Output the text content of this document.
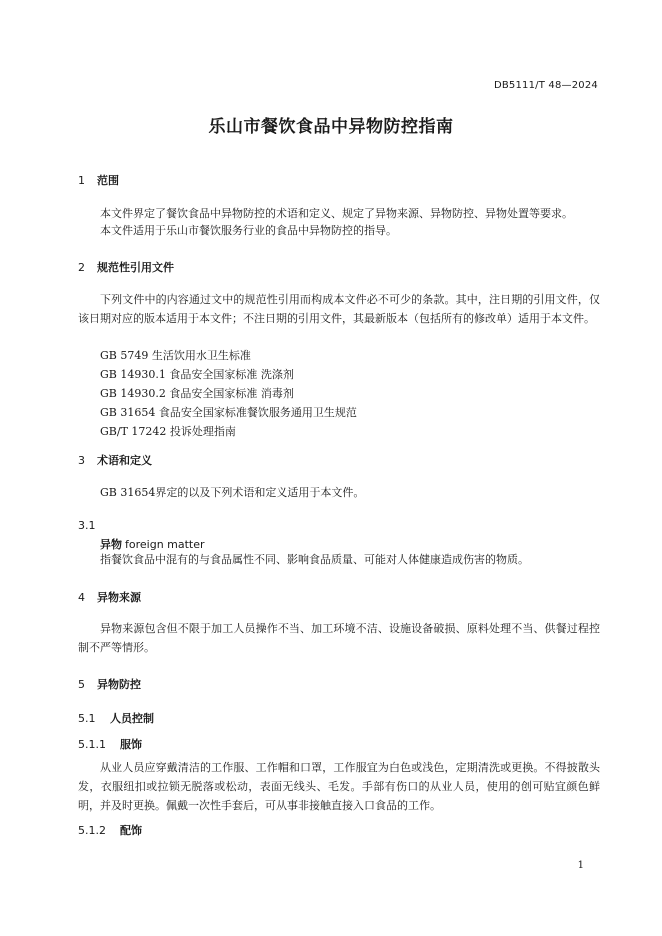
DB5111/T 48—2024
乐山市餐饮食品中异物防控指南
1 范围
本文件界定了餐饮食品中异物防控的术语和定义、规定了异物来源、异物防控、异物处置等要求。
本文件适用于乐山市餐饮服务行业的食品中异物防控的指导。
2 规范性引用文件
下列文件中的内容通过文中的规范性引用而构成本文件必不可少的条款。其中，注日期的引用文件，仅该日期对应的版本适用于本文件；不注日期的引用文件，其最新版本（包括所有的修改单）适用于本文件。
GB 5749 生活饮用水卫生标准
GB 14930.1 食品安全国家标准 洗涤剂
GB 14930.2 食品安全国家标准 消毒剂
GB 31654 食品安全国家标准餐饮服务通用卫生规范
GB/T 17242 投诉处理指南
3 术语和定义
GB 31654界定的以及下列术语和定义适用于本文件。
3.1
异物 foreign matter
指餐饮食品中混有的与食品属性不同、影响食品质量、可能对人体健康造成伤害的物质。
4 异物来源
异物来源包含但不限于加工人员操作不当、加工环境不洁、设施设备破损、原料处理不当、供餐过程控制不严等情形。
5 异物防控
5.1 人员控制
5.1.1 服饰
从业人员应穿戴清洁的工作服、工作帽和口罩，工作服宜为白色或浅色，定期清洗或更换。不得披散头发，衣服纽扣或拉锁无脱落或松动，表面无线头、毛发。手部有伤口的从业人员，使用的创可贴宜颜色鲜明，并及时更换。佩戴一次性手套后，可从事非接触直接入口食品的工作。
5.1.2 配饰
1
